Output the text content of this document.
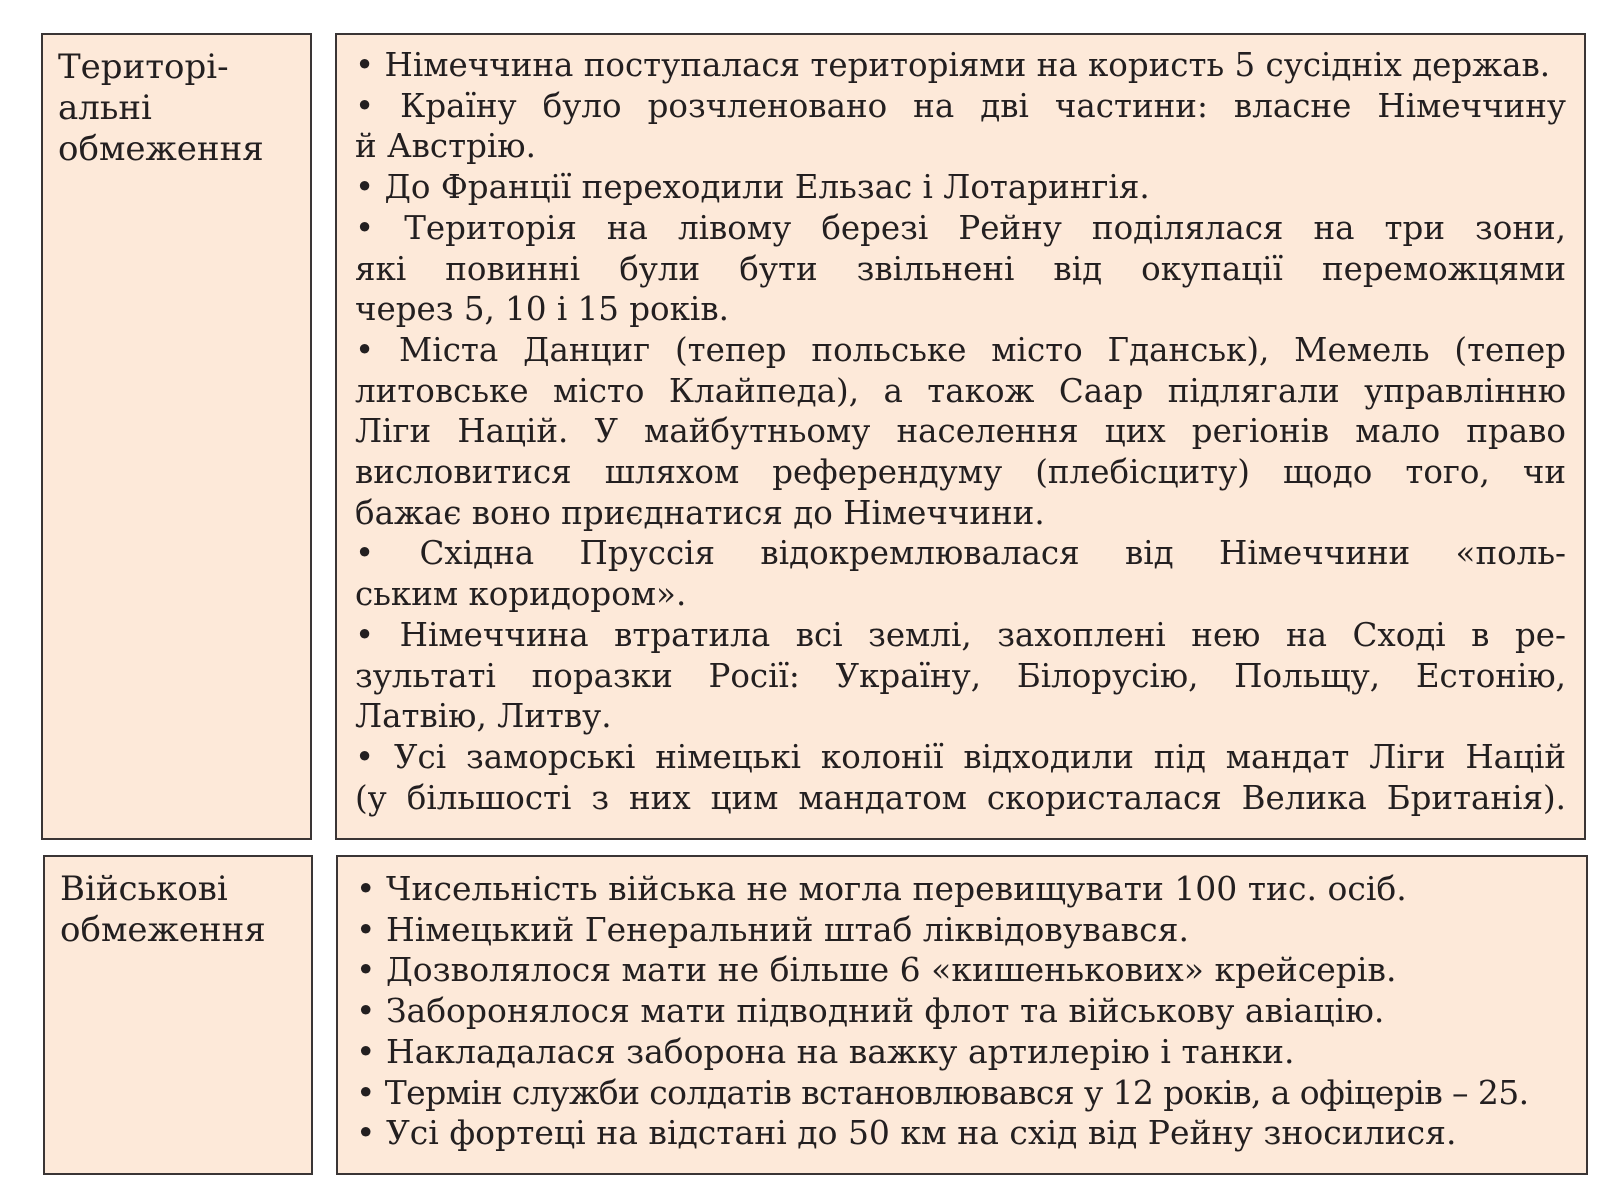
Територі-
альні
обмеження
• Німеччина поступалася територіями на користь 5 сусідніх держав.
• Країну було розчленовано на дві частини: власне Німеччину
й Австрію.
• До Франції переходили Ельзас і Лотарингія.
• Територія на лівому березі Рейну поділялася на три зони,
які повинні були бути звільнені від окупації переможцями
через 5, 10 і 15 років.
• Міста Данциг (тепер польське місто Гданськ), Мемель (тепер
литовське місто Клайпеда), а також Саар підлягали управлінню
Ліги Націй. У майбутньому населення цих регіонів мало право
висловитися шляхом референдуму (плебісциту) щодо того, чи
бажає воно приєднатися до Німеччини.
• Східна Пруссія відокремлювалася від Німеччини «поль-
ським коридором».
• Німеччина втратила всі землі, захоплені нею на Сході в ре-
зультаті поразки Росії: Україну, Білорусію, Польщу, Естонію,
Латвію, Литву.
• Усі заморські німецькі колонії відходили під мандат Ліги Націй
(у більшості з них цим мандатом скористалася Велика Британія).
Військові
обмеження
• Чисельність війська не могла перевищувати 100 тис. осіб.
• Німецький Генеральний штаб ліквідовувався.
• Дозволялося мати не більше 6 «кишенькових» крейсерів.
• Заборонялося мати підводний флот та військову авіацію.
• Накладалася заборона на важку артилерію і танки.
• Термін служби солдатів встановлювався у 12 років, а офіцерів – 25.
• Усі фортеці на відстані до 50 км на схід від Рейну зносилися.
